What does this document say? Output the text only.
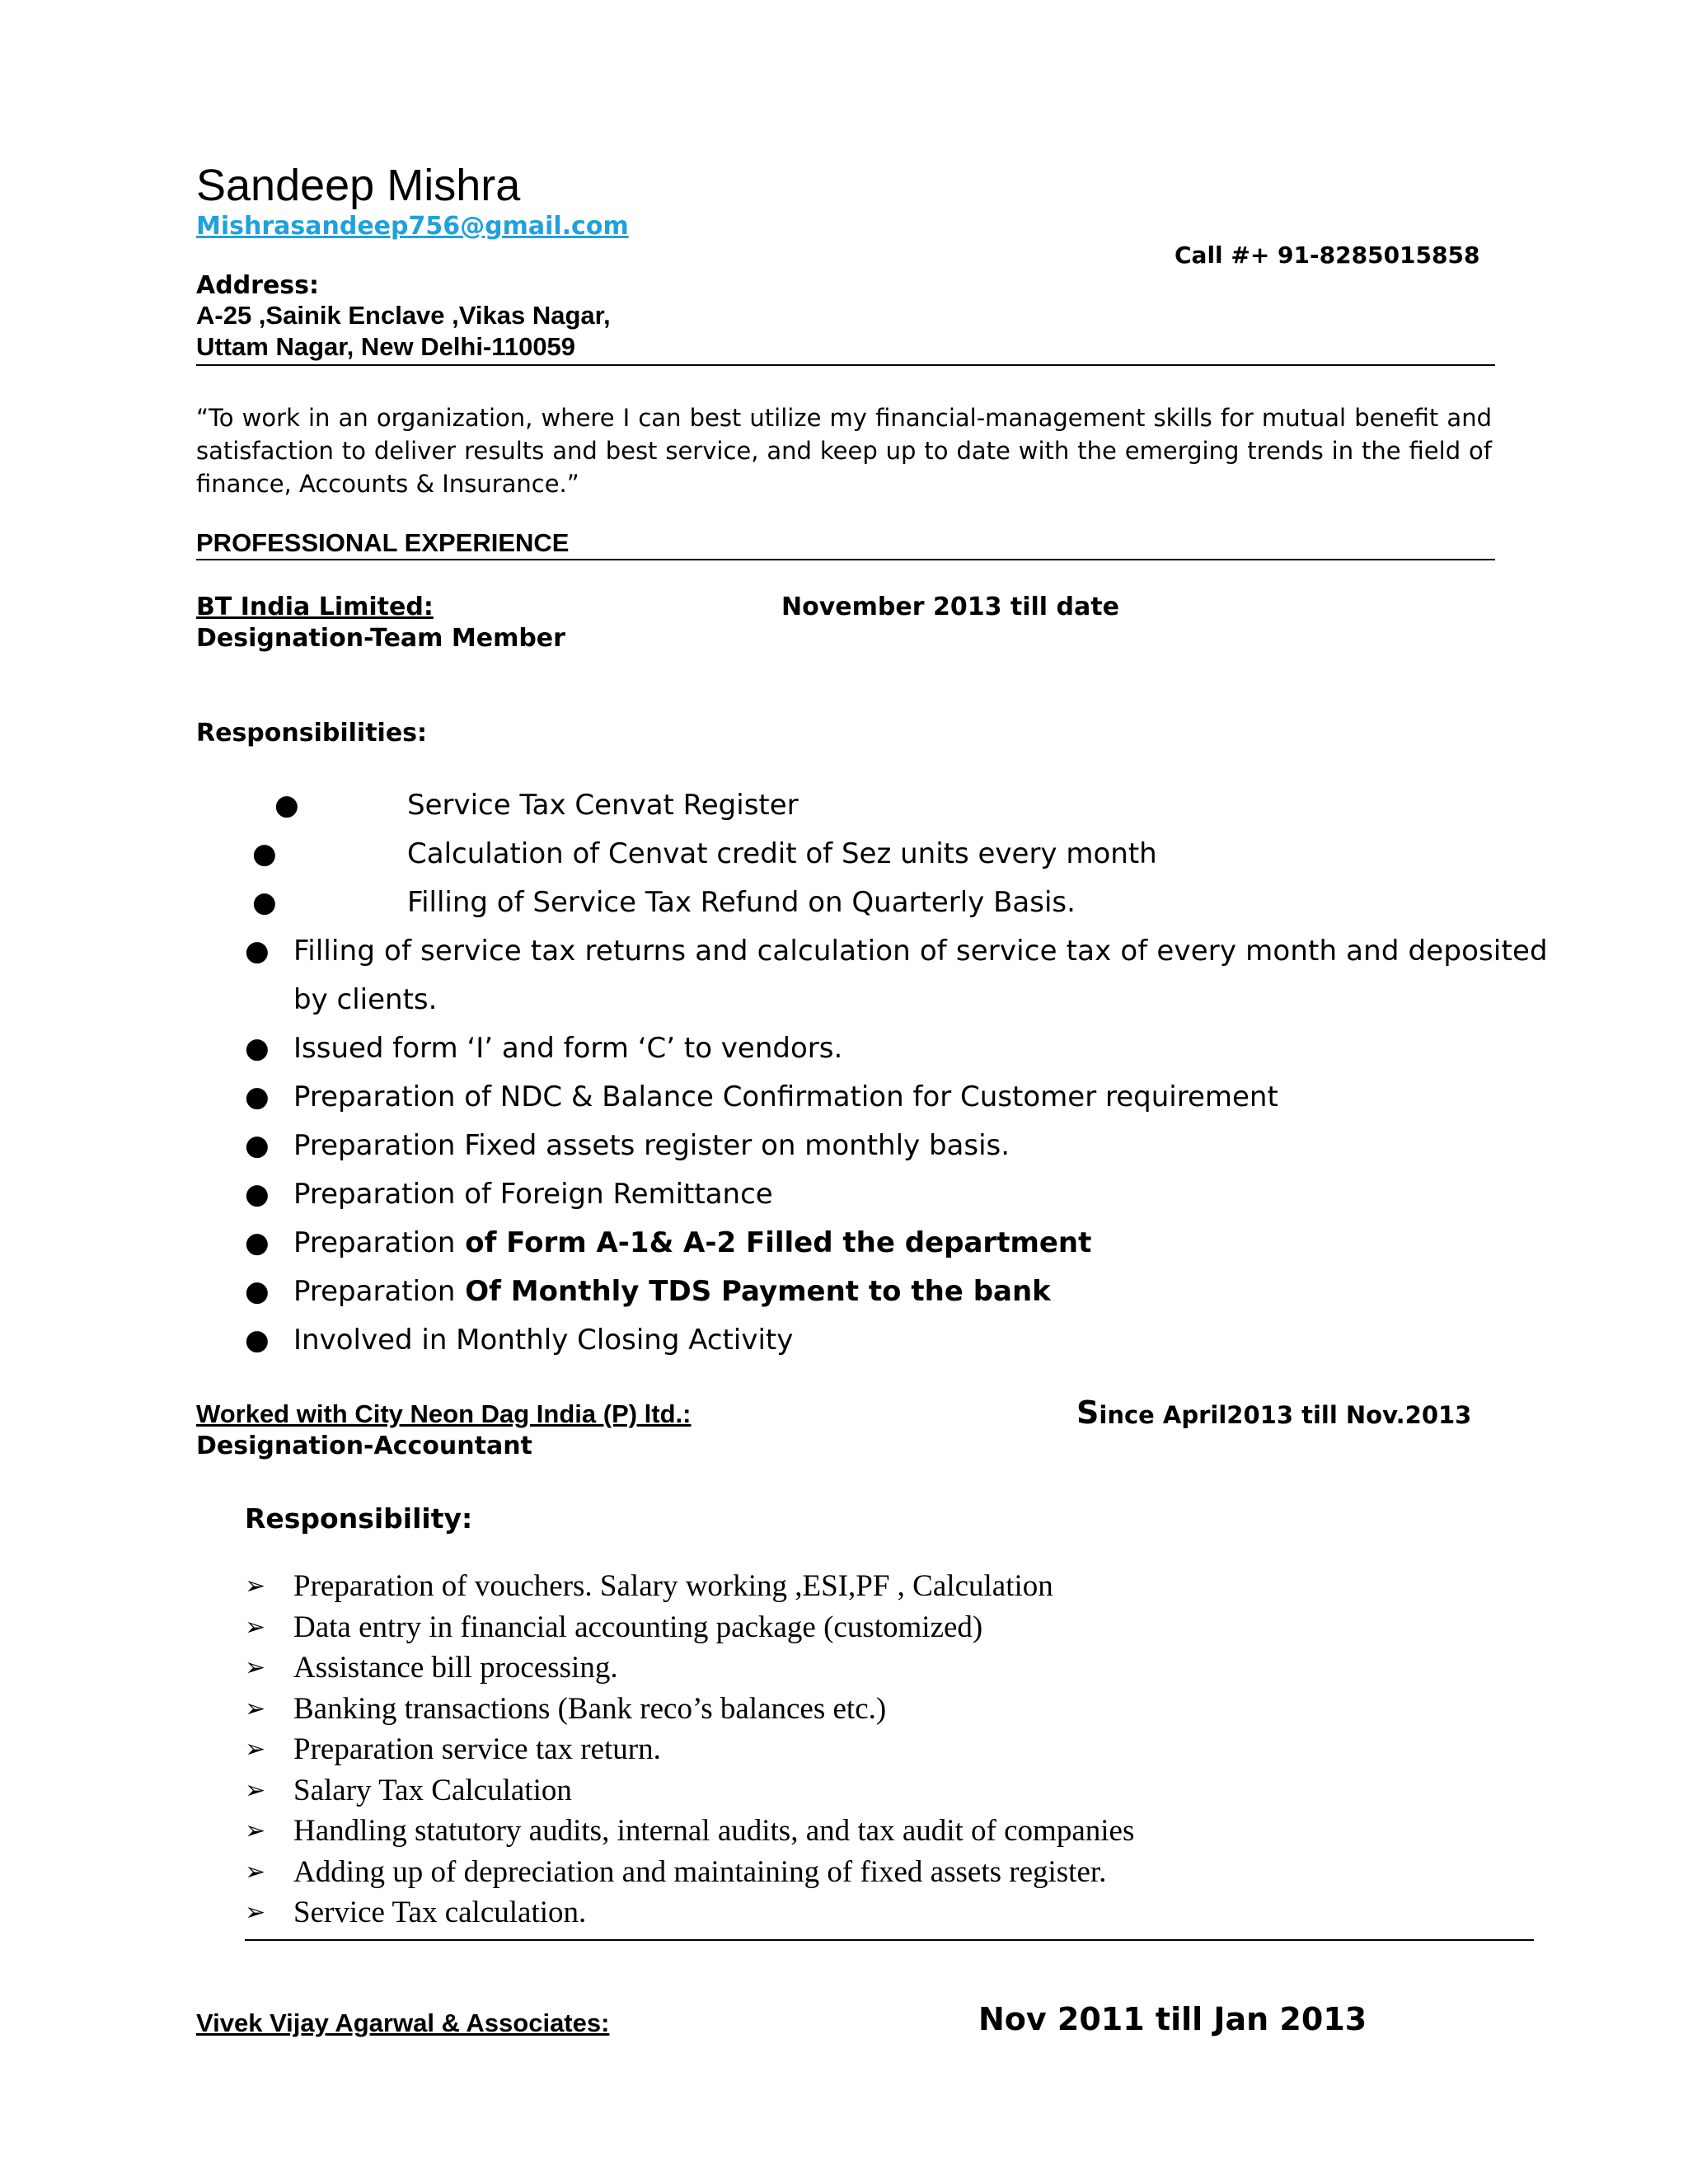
Sandeep Mishra
Mishrasandeep756@gmail.com
Call #+ 91-8285015858
Address:
A-25 ,Sainik Enclave ,Vikas Nagar,
Uttam Nagar, New Delhi-110059
“To work in an organization, where I can best utilize my financial-management skills for mutual benefit and satisfaction to deliver results and best service, and keep up to date with the emerging trends in the field of finance, Accounts & Insurance.”
PROFESSIONAL EXPERIENCE
BT India Limited:	November 2013 till date
Designation-Team Member
Responsibilities:
●	Service Tax Cenvat Register
●	Calculation of Cenvat credit of Sez units every month
●	Filling of Service Tax Refund on Quarterly Basis.
● Filling of service tax returns and calculation of service tax of every month and deposited
by clients.
● Issued form ‘I’ and form ‘C’ to vendors.
● Preparation of NDC & Balance Confirmation for Customer requirement
● Preparation Fixed assets register on monthly basis.
● Preparation of Foreign Remittance
● Preparation of Form A-1& A-2 Filled the department
● Preparation Of Monthly TDS Payment to the bank
● Involved in Monthly Closing Activity
Worked with City Neon Dag India (P) ltd.:	Since April2013 till Nov.2013
Designation-Accountant
Responsibility:
➢ Preparation of vouchers. Salary working ,ESI,PF , Calculation
➢ Data entry in financial accounting package (customized)
➢ Assistance bill processing.
➢ Banking transactions (Bank reco’s balances etc.)
➢ Preparation service tax return.
➢ Salary Tax Calculation
➢ Handling statutory audits, internal audits, and tax audit of companies
➢ Adding up of depreciation and maintaining of fixed assets register.
➢ Service Tax calculation.
Vivek Vijay Agarwal & Associates:	Nov 2011 till Jan 2013
